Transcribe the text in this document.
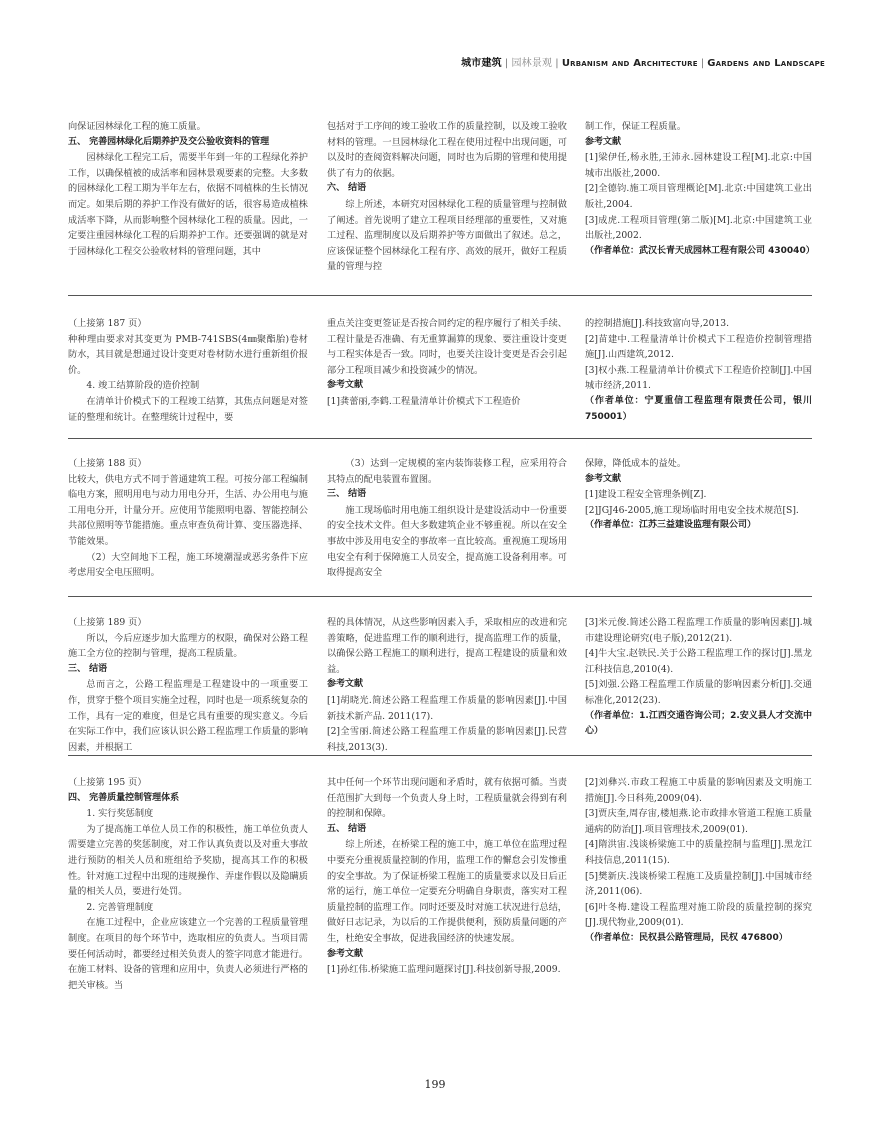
城市建筑 | 园林景观 | Urbanism and Architecture | Gardens and Landscape

向保证园林绿化工程的施工质量。

五、 完善园林绿化后期养护及交公验收资料的管理

园林绿化工程完工后，需要半年到一年的工程绿化养护工作，以确保植被的成活率和园林景观要素的完整。大多数的园林绿化工程工期为半年左右，依据不同植株的生长情况而定。如果后期的养护工作没有做好的话，很容易造成植株成活率下降，从而影响整个园林绿化工程的质量。因此，一定要注重园林绿化工程的后期养护工作。还要强调的就是对于园林绿化工程交公验收材料的管理问题，其中

包括对于工序间的竣工验收工作的质量控制，以及竣工验收材料的管理。一旦园林绿化工程在使用过程中出现问题，可以及时的查阅资料解决问题，同时也为后期的管理和使用提供了有力的依据。

六、 结语

综上所述，本研究对园林绿化工程的质量管理与控制做了阐述。首先说明了建立工程项目经理部的重要性，又对施工过程、监理制度以及后期养护等方面做出了叙述。总之，应该保证整个园林绿化工程有序、高效的展开，做好工程质量的管理与控

制工作，保证工程质量。

参考文献

[1]梁伊任,杨永胜,王沛永.园林建设工程[M].北京:中国城市出版社,2000.

[2]全德钧.施工项目管理概论[M].北京:中国建筑工业出版社,2004.

[3]成虎.工程项目管理(第二版)[M].北京:中国建筑工业出版社,2002.

（作者单位：武汉长青天成园林工程有限公司 430040）

（上接第 187 页）

种种理由要求对其变更为 PMB-741SBS(4㎜聚酯胎)卷材防水，其目就是想通过设计变更对卷材防水进行重新组价报价。

4. 竣工结算阶段的造价控制

在清单计价模式下的工程竣工结算，其焦点问题是对签证的整理和统计。在整理统计过程中，要

重点关注变更签证是否按合同约定的程序履行了相关手续、工程计量是否准确、有无重算漏算的现象、要注重设计变更与工程实体是否一致。同时，也要关注设计变更是否会引起部分工程项目减少和投资减少的情况。

参考文献

[1]龚蕾丽,李鹤.工程量清单计价模式下工程造价

的控制措施[J].科技致富向导,2013.

[2]苗建中.工程量清单计价模式下工程造价控制管理措施[J].山西建筑,2012.

[3]权小燕.工程量清单计价模式下工程造价控制[J].中国城市经济,2011.

（作者单位：宁夏重信工程监理有限责任公司，银川 750001）

（上接第 188 页）

比较大，供电方式不同于普通建筑工程。可按分部工程编制临电方案，照明用电与动力用电分开，生活、办公用电与施工用电分开，计量分开。应使用节能照明电器、智能控制公共部位照明等节能措施。重点审查负荷计算、变压器选择、节能效果。

（2）大空间地下工程，施工环境潮湿或恶劣条件下应考虑用安全电压照明。

（3）达到一定规模的室内装饰装修工程，应采用符合其特点的配电装置布置图。

三、 结语

施工现场临时用电施工组织设计是建设活动中一份重要的安全技术文件。但大多数建筑企业不够重视。所以在安全事故中涉及用电安全的事故率一直比较高。重视施工现场用电安全有利于保障施工人员安全，提高施工设备利用率。可取得提高安全

保障，降低成本的益处。

参考文献

[1]建设工程安全管理条例[Z].

[2]JGJ46-2005,施工现场临时用电安全技术规范[S].

（作者单位：江苏三益建设监理有限公司）

（上接第 189 页）

所以，今后应逐步加大监理方的权限，确保对公路工程施工全方位的控制与管理，提高工程质量。

三、 结语

总而言之，公路工程监理是工程建设中的一项重要工作，贯穿于整个项目实施全过程，同时也是一项系统复杂的工作，具有一定的难度，但是它具有重要的现实意义。今后在实际工作中，我们应该认识公路工程监理工作质量的影响因素，并根据工

程的具体情况，从这些影响因素入手，采取相应的改进和完善策略，促进监理工作的顺利进行，提高监理工作的质量，以确保公路工程施工的顺利进行，提高工程建设的质量和效益。

参考文献

[1]胡晓光.简述公路工程监理工作质量的影响因素[J].中国新技术新产品. 2011(17).

[2]全雪丽.简述公路工程监理工作质量的影响因素[J].民营科技,2013(3).

[3]米元俊.简述公路工程监理工作质量的影响因素[J].城市建设理论研究(电子版),2012(21).

[4]牛大宝.赵铁民.关于公路工程监理工作的探讨[J].黑龙江科技信息,2010(4).

[5]刘强.公路工程监理工作质量的影响因素分析[J].交通标准化,2012(23).

（作者单位：1.江西交通咨询公司；2.安义县人才交流中心）

（上接第 195 页）

四、 完善质量控制管理体系

1. 实行奖惩制度

为了提高施工单位人员工作的积极性，施工单位负责人需要建立完善的奖惩制度，对工作认真负责以及对重大事故进行预防的相关人员和班组给予奖励，提高其工作的积极性。针对施工过程中出现的违规操作、弄虚作假以及隐瞒质量的相关人员，要进行处罚。

2. 完善管理制度

在施工过程中，企业应该建立一个完善的工程质量管理制度。在项目的每个环节中，选取相应的负责人。当项目需要任何活动时，都要经过相关负责人的签字同意才能进行。在施工材料、设备的管理和应用中，负责人必须进行严格的把关审核。当

其中任何一个环节出现问题和矛盾时，就有依据可循。当责任范围扩大到每一个负责人身上时，工程质量就会得到有利的控制和保障。

五、 结语

综上所述，在桥梁工程的施工中，施工单位在监理过程中要充分重视质量控制的作用，监理工作的懈怠会引发惨重的安全事故。为了保证桥梁工程施工的质量要求以及日后正常的运行，施工单位一定要充分明确自身职责，落实对工程质量控制的监理工作。同时还要及时对施工状况进行总结，做好日志记录，为以后的工作提供便利，预防质量问题的产生，杜绝安全事故，促进我国经济的快速发展。

参考文献

[1]孙红伟.桥梁施工监理问题探讨[J].科技创新导报,2009.

[2]刘彝兴.市政工程施工中质量的影响因素及文明施工措施[J].今日科苑,2009(04).

[3]贾庆奎,周存宙,楼旭燕.论市政排水管道工程施工质量通病的防治[J].项目管理技术,2009(01).

[4]隋洪宙.浅谈桥梁施工中的质量控制与监理[J].黑龙江科技信息,2011(15).

[5]樊新庆.浅谈桥梁工程施工及质量控制[J].中国城市经济,2011(06).

[6]叶冬梅.建设工程监理对施工阶段的质量控制的探究[J].现代物业,2009(01).

（作者单位：民权县公路管理局，民权 476800）

199
